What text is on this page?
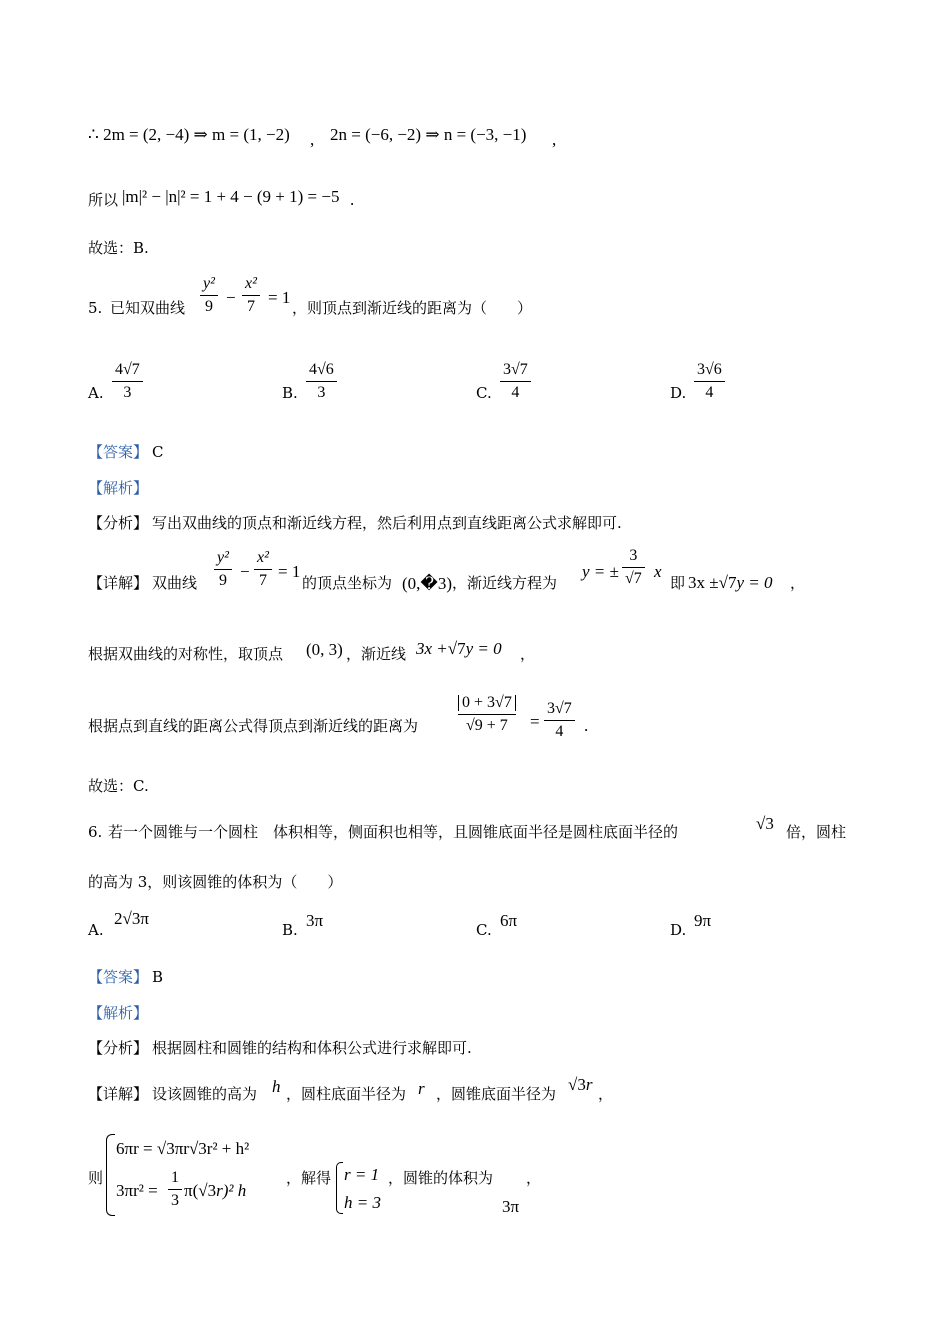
∴ 2m = (2, −4) ⇒ m = (1, −2) , 2n = (−6, −2) ⇒ n = (−3, −1) ,
所以 |m|² − |n|² = 1 + 4 − (9 + 1) = −5 .
故选：B.
5. 已知双曲线
y²
9 −
x²
7 = 1
，则顶点到渐近线的距离为（　　）
A.
4√7
3	B.
4√6
3	C.
3√7
4	D.
3√6
4
【答案】 C
【解析】
【分析】 写出双曲线的顶点和渐近线方程，然后利用点到直线距离公式求解即可.
【详解】 双曲线
y²
9 −
x²
7 = 1
的顶点坐标为 (0,�3) ，渐近线方程为
y = ±
3
√7 x
即 3x ±√7y = 0 ，
根据双曲线的对称性，取顶点 (0, 3) ，渐近线 3x +√7y = 0 ，
根据点到直线的距离公式得顶点到渐近线的距离为
0 + 3√7
√9 + 7	=
3√7
4	.
故选：C.
6. 若一个圆锥与一个圆柱　体积相等，侧面积也相等，且圆锥底面半径是圆柱底面半径的	√3 倍，圆柱
的高为 3，则该圆锥的体积为（　　）
A.
2√3π
B. 3π	C. 6π	D. 9π
【答案】 B
【解析】
【分析】 根据圆柱和圆锥的结构和体积公式进行求解即可.
【详解】 设该圆锥的高为 h ，圆柱底面半径为 r ，圆锥底面半径为 √3r ，
则
6πr = √3πr√3r² + h²
3πr² =
1
3
π(√3r)² h
，解得 r = 1
h = 3
，圆锥的体积为
3π
，
